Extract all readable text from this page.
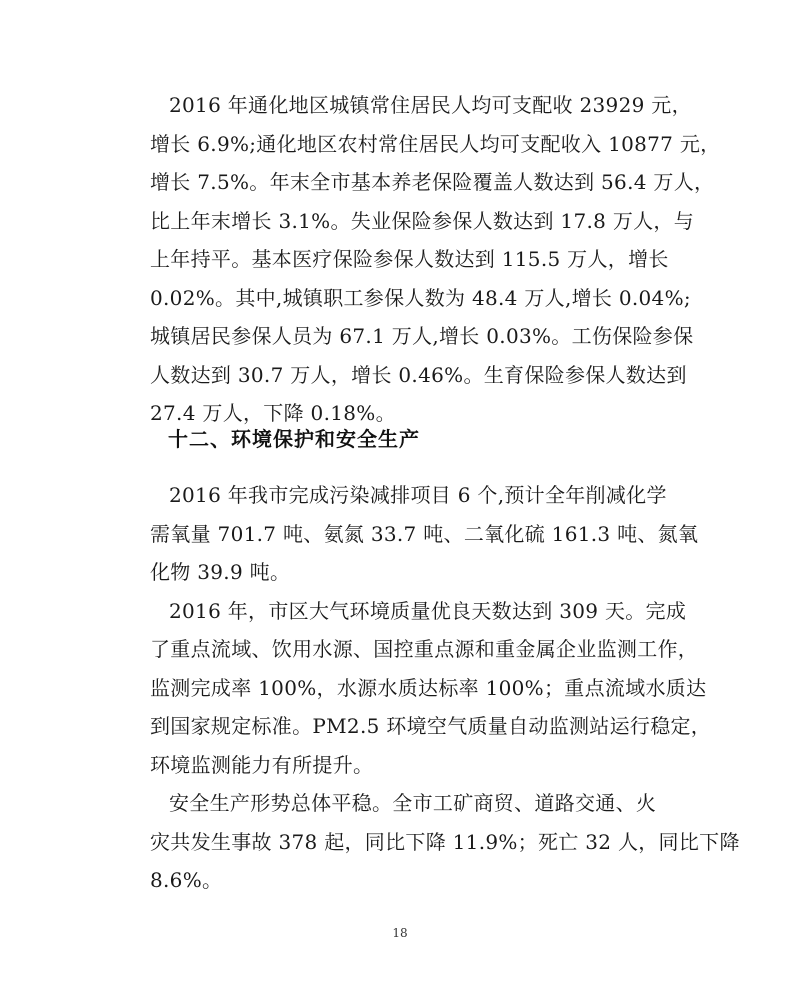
2016 年通化地区城镇常住居民人均可支配收 23929 元，
增长 6.9%;通化地区农村常住居民人均可支配收入 10877 元，
增长 7.5%。年末全市基本养老保险覆盖人数达到 56.4 万人，
比上年末增长 3.1%。失业保险参保人数达到 17.8 万人，与
上年持平。基本医疗保险参保人数达到 115.5 万人，增长
0.02%。其中,城镇职工参保人数为 48.4 万人,增长 0.04%;
城镇居民参保人员为 67.1 万人,增长 0.03%。工伤保险参保
人数达到 30.7 万人，增长 0.46%。生育保险参保人数达到
27.4 万人，下降 0.18%。
十二、环境保护和安全生产
2016 年我市完成污染减排项目 6 个,预计全年削减化学
需氧量 701.7 吨、氨氮 33.7 吨、二氧化硫 161.3 吨、氮氧
化物 39.9 吨。
2016 年，市区大气环境质量优良天数达到 309 天。完成
了重点流域、饮用水源、国控重点源和重金属企业监测工作，
监测完成率 100%，水源水质达标率 100%；重点流域水质达
到国家规定标准。PM2.5 环境空气质量自动监测站运行稳定，
环境监测能力有所提升。
安全生产形势总体平稳。全市工矿商贸、道路交通、火
灾共发生事故 378 起，同比下降 11.9%；死亡 32 人，同比下降
8.6%。
18
